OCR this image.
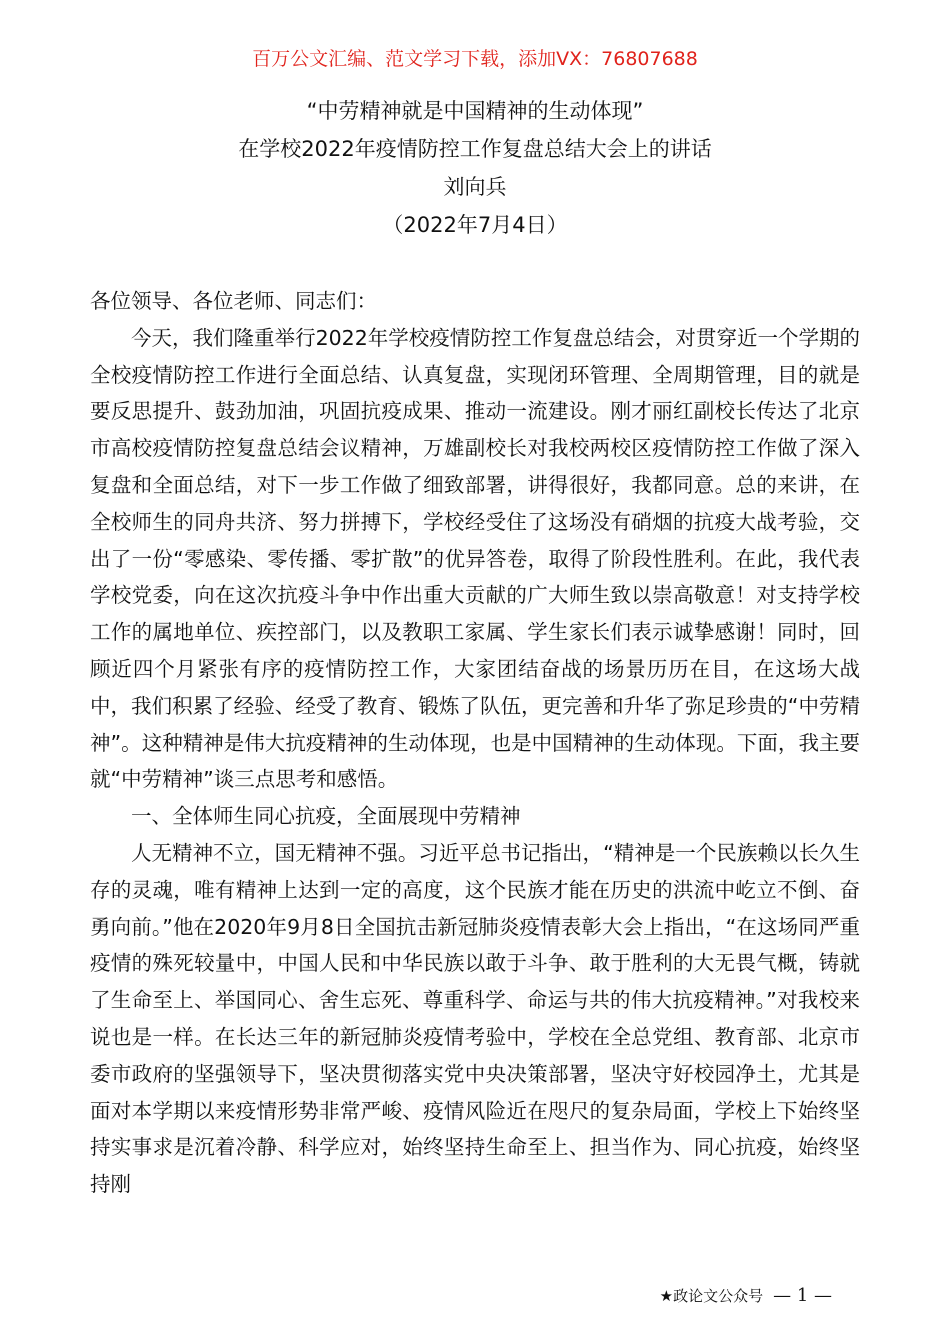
百万公文汇编、范文学习下载，添加VX：76807688
“中劳精神就是中国精神的生动体现”
在学校2022年疫情防控工作复盘总结大会上的讲话
刘向兵
（2022年7月4日）

各位领导、各位老师、同志们：

今天，我们隆重举行2022年学校疫情防控工作复盘总结会，对贯穿近一个学期的全校疫情防控工作进行全面总结、认真复盘，实现闭环管理、全周期管理，目的就是要反思提升、鼓劲加油，巩固抗疫成果、推动一流建设。刚才丽红副校长传达了北京市高校疫情防控复盘总结会议精神，万雄副校长对我校两校区疫情防控工作做了深入复盘和全面总结，对下一步工作做了细致部署，讲得很好，我都同意。总的来讲，在全校师生的同舟共济、努力拼搏下，学校经受住了这场没有硝烟的抗疫大战考验，交出了一份“零感染、零传播、零扩散”的优异答卷，取得了阶段性胜利。在此，我代表学校党委，向在这次抗疫斗争中作出重大贡献的广大师生致以崇高敬意！对支持学校工作的属地单位、疾控部门，以及教职工家属、学生家长们表示诚挚感谢！同时，回顾近四个月紧张有序的疫情防控工作，大家团结奋战的场景历历在目，在这场大战中，我们积累了经验、经受了教育、锻炼了队伍，更完善和升华了弥足珍贵的“中劳精神”。这种精神是伟大抗疫精神的生动体现，也是中国精神的生动体现。下面，我主要就“中劳精神”谈三点思考和感悟。

一、全体师生同心抗疫，全面展现中劳精神

人无精神不立，国无精神不强。习近平总书记指出，“精神是一个民族赖以长久生存的灵魂，唯有精神上达到一定的高度，这个民族才能在历史的洪流中屹立不倒、奋勇向前。”他在2020年9月8日全国抗击新冠肺炎疫情表彰大会上指出，“在这场同严重疫情的殊死较量中，中国人民和中华民族以敢于斗争、敢于胜利的大无畏气概，铸就了生命至上、举国同心、舍生忘死、尊重科学、命运与共的伟大抗疫精神。”对我校来说也是一样。在长达三年的新冠肺炎疫情考验中，学校在全总党组、教育部、北京市委市政府的坚强领导下，坚决贯彻落实党中央决策部署，坚决守好校园净土，尤其是面对本学期以来疫情形势非常严峻、疫情风险近在咫尺的复杂局面，学校上下始终坚持实事求是沉着冷静、科学应对，始终坚持生命至上、担当作为、同心抗疫，始终坚持刚

★政论文公众号 — 1 —
